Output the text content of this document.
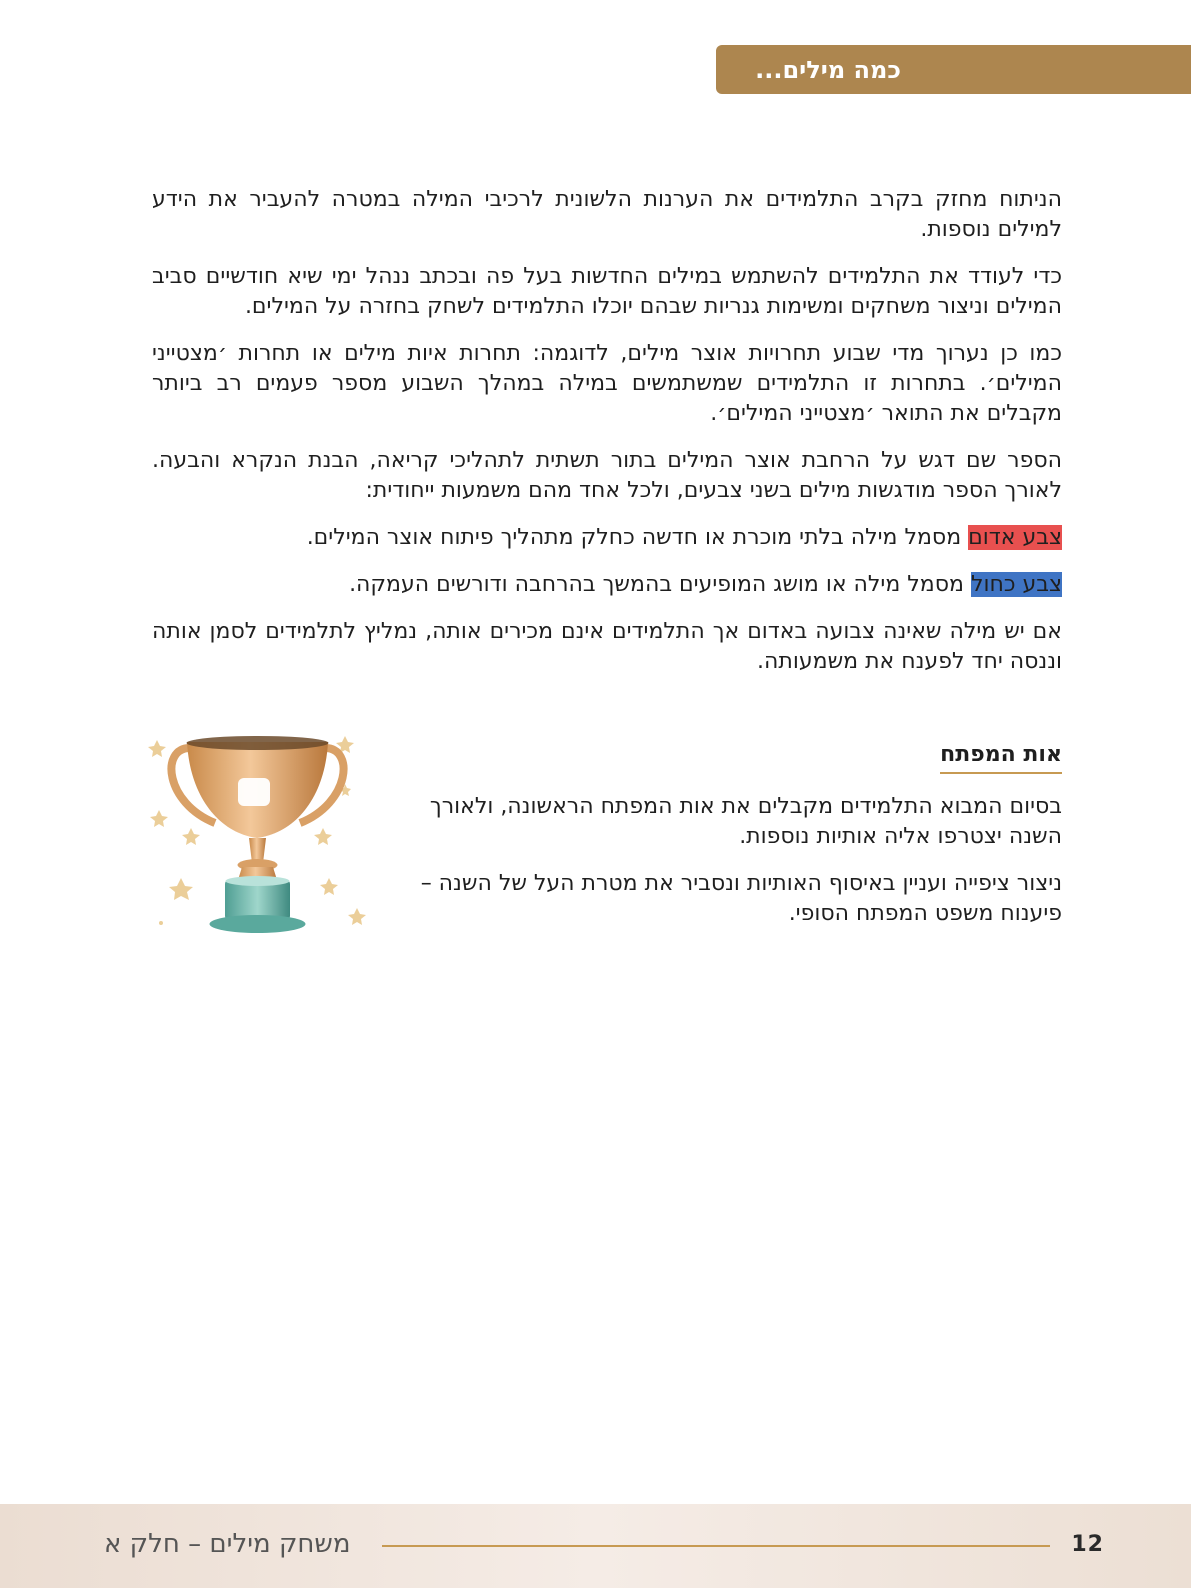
כמה מילים...

הניתוח מחזק בקרב התלמידים את הערנות הלשונית לרכיבי המילה במטרה להעביר את הידע למילים נוספות.

כדי לעודד את התלמידים להשתמש במילים החדשות בעל פה ובכתב ננהל ימי שיא חודשיים סביב המילים וניצור משחקים ומשימות גנריות שבהם יוכלו התלמידים לשחק בחזרה על המילים.

כמו כן נערוך מדי שבוע תחרויות אוצר מילים, לדוגמה: תחרות איות מילים או תחרות ׳מצטייני המילים׳. בתחרות זו התלמידים שמשתמשים במילה במהלך השבוע מספר פעמים רב ביותר מקבלים את התואר ׳מצטייני המילים׳.

הספר שם דגש על הרחבת אוצר המילים בתור תשתית לתהליכי קריאה, הבנת הנקרא והבעה. לאורך הספר מודגשות מילים בשני צבעים, ולכל אחד מהם משמעות ייחודית:

צבע אדום מסמל מילה בלתי מוכרת או חדשה כחלק מתהליך פיתוח אוצר המילים.

צבע כחול מסמל מילה או מושג המופיעים בהמשך בהרחבה ודורשים העמקה.

אם יש מילה שאינה צבועה באדום אך התלמידים אינם מכירים אותה, נמליץ לתלמידים לסמן אותה וננסה יחד לפענח את משמעותה.

אות המפתח

בסיום המבוא התלמידים מקבלים את אות המפתח הראשונה, ולאורך השנה יצטרפו אליה אותיות נוספות.

ניצור ציפייה ועניין באיסוף האותיות ונסביר את מטרת העל של השנה – פיענוח משפט המפתח הסופי.

12
משחק מילים – חלק א
